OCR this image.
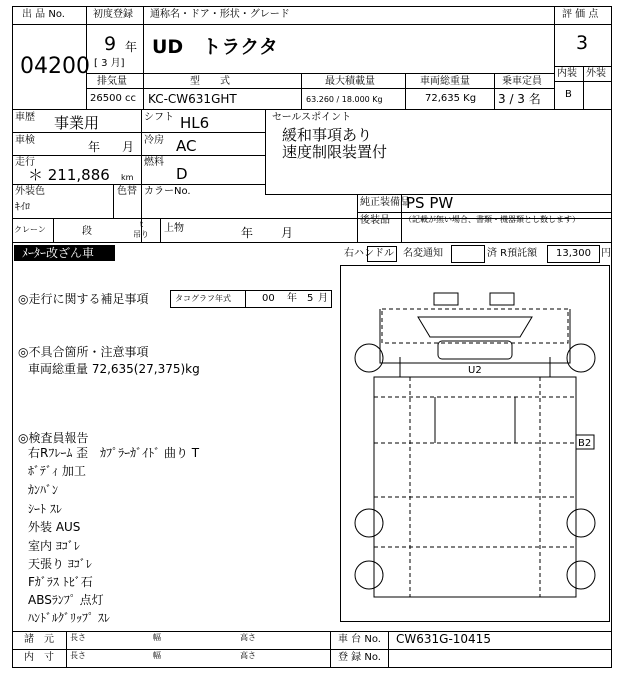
出 品 No.
04200
初度登録
9 年
[ 3 月]
通称名・ドア・形状・グレード
UD　トラクタ
評 価 点
3
内装 外装
B
排気量
26500 cc
型　　式
KC-CW631GHT
最大積載量
63.260 / 18.000 Kg
車両総重量
72,635 Kg
乗車定員
3 / 3 名
車歴 事業用	シフト HL6
車検	年 月 冷房 AC
走行
＊ 211,886 km
燃料
D
外装色
ｷｲﾛ
色替 カラーNo.
クレーン	段
t
吊り
上物	年 月
セールスポイント
緩和事項あり
速度制限装置付
純正装備品
PS PW
後装品 （記載が無い場合、書類・機器類とし数します）
ﾒｰﾀｰ改ざん車	右ハンドル 名変通知	済 R預託額 13,300 円
◎走行に関する補足事項	タコグラフ年式	00 年 5 月
◎不具合箇所・注意事項
車両総重量 72,635(27,375)kg
◎検査員報告
右Rﾌﾚｰﾑ 歪　ｶﾌﾟﾗｰｶﾞｲﾄﾞ 曲り T
ﾎﾞﾃﾞｨ 加工
ｶﾝﾊﾞﾝ
ｼｰﾄ ｽﾚ
外装 AUS
室内 ﾖｺﾞﾚ
天張り ﾖｺﾞﾚ
Fｶﾞﾗｽ ﾄﾋﾞ石
ABSﾗﾝﾌﾟ 点灯
ﾊﾝﾄﾞﾙｸﾞﾘｯﾌﾟ ｽﾚ
U2
B2
諸　元
内　寸
長さ	幅	高さ
長さ	幅	高さ
車 台 No. CW631G-10415
登 録 No.
